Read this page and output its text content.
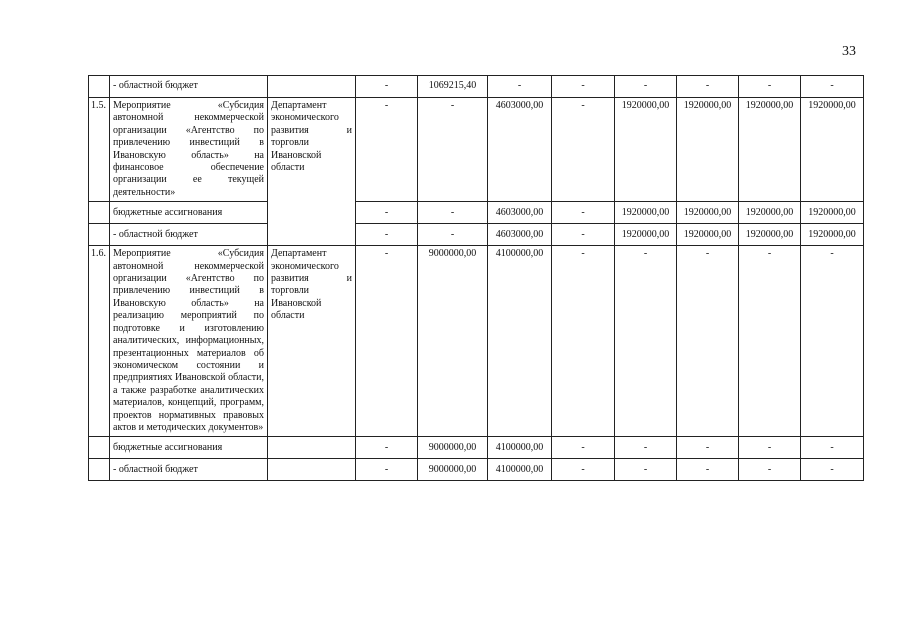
33
	- областной бюджет		-	1069215,40	-	-	-	-	-	-
1.5.	Мероприятие «Субсидия автономной некоммерческой организации «Агентство по привлечению инвестиций в Ивановскую область» на финансовое обеспечение организации ее текущей деятельности»	Департамент экономического развития и торговли Ивановской области	-	-	4603000,00	-	1920000,00	1920000,00	1920000,00	1920000,00
	бюджетные ассигнования		-	-	4603000,00	-	1920000,00	1920000,00	1920000,00	1920000,00
	- областной бюджет		-	-	4603000,00	-	1920000,00	1920000,00	1920000,00	1920000,00
1.6.	Мероприятие «Субсидия автономной некоммерческой организации «Агентство по привлечению инвестиций в Ивановскую область» на реализацию мероприятий по подготовке и изготовлению аналитических, информационных, презентационных материалов об экономическом состоянии и предприятиях Ивановской области, а также разработке аналитических материалов, концепций, программ, проектов нормативных правовых актов и методических документов»	Департамент экономического развития и торговли Ивановской области	-	9000000,00	4100000,00	-	-	-	-	-
	бюджетные ассигнования		-	9000000,00	4100000,00	-	-	-	-	-
	- областной бюджет		-	9000000,00	4100000,00	-	-	-	-	-
